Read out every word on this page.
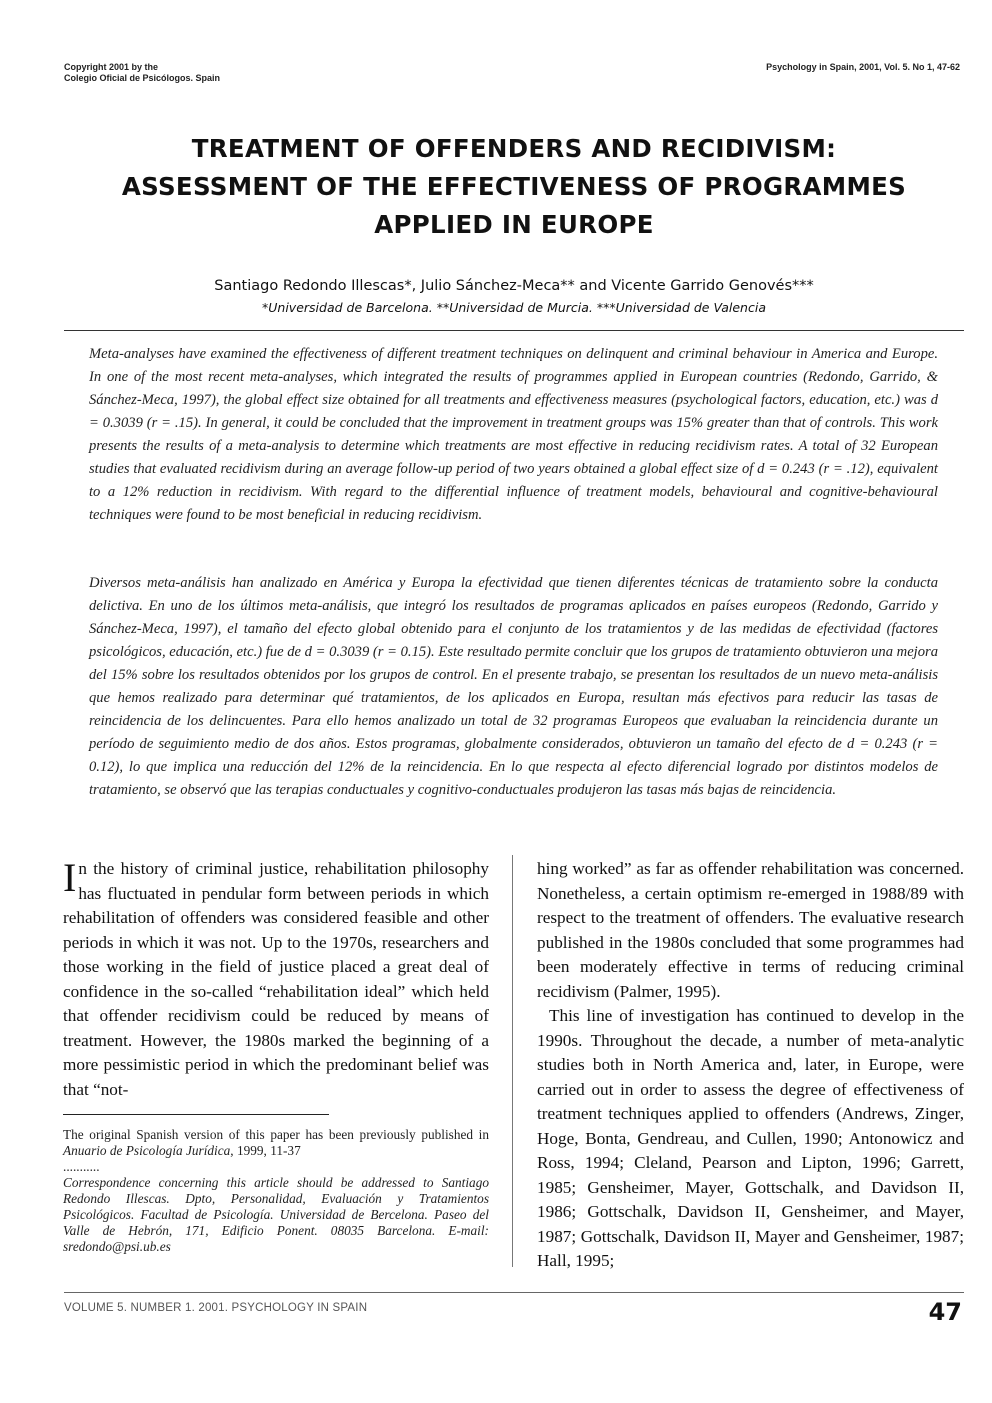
Copyright 2001 by the
Colegio Oficial de Psicólogos. Spain
Psychology in Spain, 2001, Vol. 5. No 1, 47-62
TREATMENT OF OFFENDERS AND RECIDIVISM:
ASSESSMENT OF THE EFFECTIVENESS OF PROGRAMMES
APPLIED IN EUROPE
Santiago Redondo Illescas*, Julio Sánchez-Meca** and Vicente Garrido Genovés***
*Universidad de Barcelona. **Universidad de Murcia. ***Universidad de Valencia

Meta-analyses have examined the effectiveness of different treatment techniques on delinquent and criminal behaviour in America and Europe. In one of the most recent meta-analyses, which integrated the results of programmes applied in European countries (Redondo, Garrido, & Sánchez-Meca, 1997), the global effect size obtained for all treatments and effectiveness measures (psychological factors, education, etc.) was d = 0.3039 (r = .15). In general, it could be concluded that the improvement in treatment groups was 15% greater than that of controls. This work presents the results of a meta-analysis to determine which treatments are most effective in reducing recidivism rates. A total of 32 European studies that evaluated recidivism during an average follow-up period of two years obtained a global effect size of d = 0.243 (r = .12), equivalent to a 12% reduction in recidivism. With regard to the differential influence of treatment models, behavioural and cognitive-behavioural techniques were found to be most beneficial in reducing recidivism.

Diversos meta-análisis han analizado en América y Europa la efectividad que tienen diferentes técnicas de tratamiento sobre la conducta delictiva. En uno de los últimos meta-análisis, que integró los resultados de programas aplicados en países europeos (Redondo, Garrido y Sánchez-Meca, 1997), el tamaño del efecto global obtenido para el conjunto de los tratamientos y de las medidas de efectividad (factores psicológicos, educación, etc.) fue de d = 0.3039 (r = 0.15). Este resultado permite concluir que los grupos de tratamiento obtuvieron una mejora del 15% sobre los resultados obtenidos por los grupos de control. En el presente trabajo, se presentan los resultados de un nuevo meta-análisis que hemos realizado para determinar qué tratamientos, de los aplicados en Europa, resultan más efectivos para reducir las tasas de reincidencia de los delincuentes. Para ello hemos analizado un total de 32 programas Europeos que evaluaban la reincidencia durante un período de seguimiento medio de dos años. Estos programas, globalmente considerados, obtuvieron un tamaño del efecto de d = 0.243 (r = 0.12), lo que implica una reducción del 12% de la reincidencia. En lo que respecta al efecto diferencial logrado por distintos modelos de tratamiento, se observó que las terapias conductuales y cognitivo-conductuales produjeron las tasas más bajas de reincidencia.

In the history of criminal justice, rehabilitation philosophy has fluctuated in pendular form between periods in which rehabilitation of offenders was considered feasible and other periods in which it was not. Up to the 1970s, researchers and those working in the field of justice placed a great deal of confidence in the so-called “rehabilitation ideal” which held that offender recidivism could be reduced by means of treatment. However, the 1980s marked the beginning of a more pessimistic period in which the predominant belief was that “not-

hing worked” as far as offender rehabilitation was concerned. Nonetheless, a certain optimism re-emerged in 1988/89 with respect to the treatment of offenders. The evaluative research published in the 1980s concluded that some programmes had been moderately effective in terms of reducing criminal recidivism (Palmer, 1995).

This line of investigation has continued to develop in the 1990s. Throughout the decade, a number of meta-analytic studies both in North America and, later, in Europe, were carried out in order to assess the degree of effectiveness of treatment techniques applied to offenders (Andrews, Zinger, Hoge, Bonta, Gendreau, and Cullen, 1990; Antonowicz and Ross, 1994; Cleland, Pearson and Lipton, 1996; Garrett, 1985; Gensheimer, Mayer, Gottschalk, and Davidson II, 1986; Gottschalk, Davidson II, Gensheimer, and Mayer, 1987; Gottschalk, Davidson II, Mayer and Gensheimer, 1987; Hall, 1995;

The original Spanish version of this paper has been previously published in Anuario de Psicología Jurídica, 1999, 11-37

...........

Correspondence concerning this article should be addressed to Santiago Redondo Illescas. Dpto, Personalidad, Evaluación y Tratamientos Psicológicos. Facultad de Psicología. Universidad de Bercelona. Paseo del Valle de Hebrón, 171, Edificio Ponent. 08035 Barcelona. E-mail: sredondo@psi.ub.es

VOLUME 5. NUMBER 1. 2001. PSYCHOLOGY IN SPAIN	47
